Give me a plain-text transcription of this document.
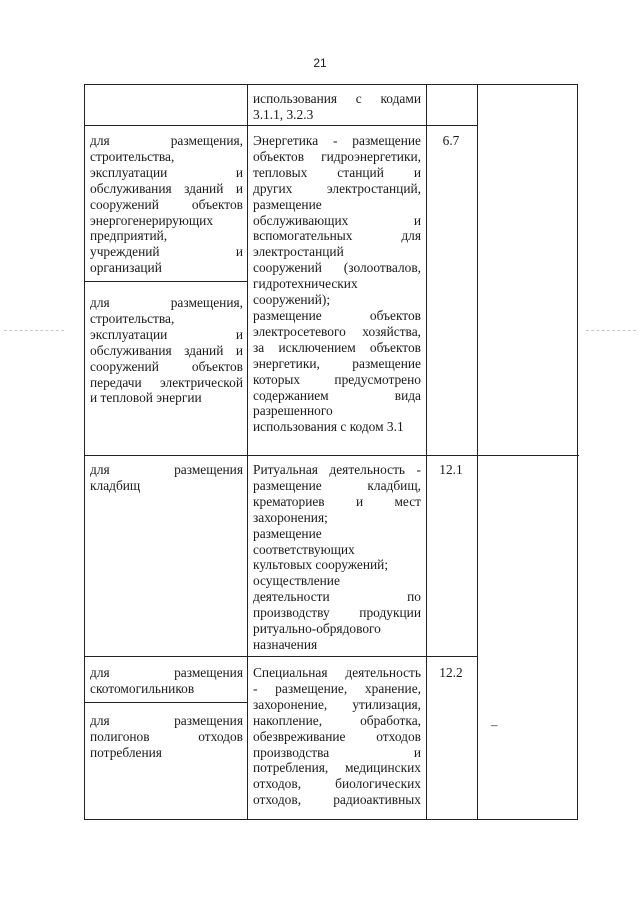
21
использования с кодами
3.1.1, 3.2.3
для размещения,
строительства,
эксплуатации и
обслуживания зданий и
сооружений объектов
энергогенерирующих
предприятий,
учреждений и
организаций
для размещения,
строительства,
эксплуатации и
обслуживания зданий и
сооружений объектов
передачи электрической
и тепловой энергии
Энергетика - размещение
объектов гидроэнергетики,
тепловых станций и
других электростанций,
размещение
обслуживающих и
вспомогательных для
электростанций
сооружений (золоотвалов,
гидротехнических
сооружений);
размещение объектов
электросетевого хозяйства,
за исключением объектов
энергетики, размещение
которых предусмотрено
содержанием вида
разрешенного
использования с кодом 3.1
6.7
для размещения
кладбищ
Ритуальная деятельность -
размещение кладбищ,
крематориев и мест
захоронения;
размещение
соответствующих
культовых сооружений;
осуществление
деятельности по
производству продукции
ритуально-обрядового
назначения
12.1
для размещения
скотомогильников
для размещения
полигонов отходов
потребления
Специальная деятельность
- размещение, хранение,
захоронение, утилизация,
накопление, обработка,
обезвреживание отходов
производства и
потребления, медицинских
отходов, биологических
отходов, радиоактивных
12.2
–
